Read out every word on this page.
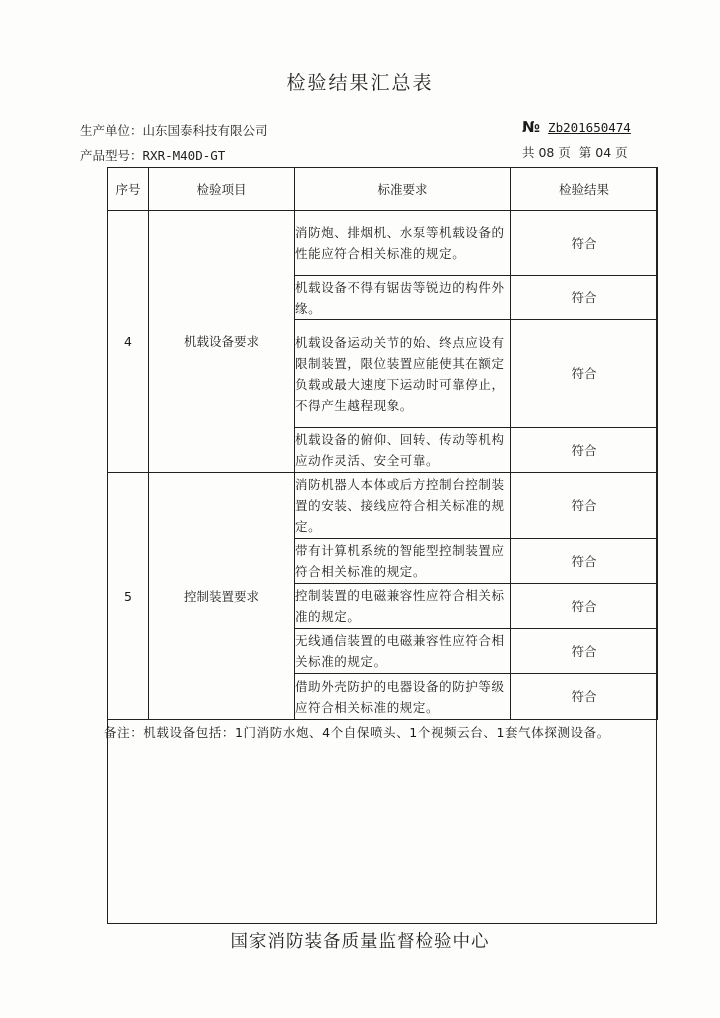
检验结果汇总表
生产单位：山东国泰科技有限公司
产品型号：RXR-M40D-GT
№ Zb201650474
共 08 页  第 04 页
序号	检验项目	标准要求	检验结果
4	机载设备要求	消防炮、排烟机、水泵等机载设备的性能应符合相关标准的规定。	符合
		机载设备不得有锯齿等锐边的构件外缘。	符合
		机载设备运动关节的始、终点应设有限制装置，限位装置应能使其在额定负载或最大速度下运动时可靠停止，不得产生越程现象。	符合
		机载设备的俯仰、回转、传动等机构应动作灵活、安全可靠。	符合
5	控制装置要求	消防机器人本体或后方控制台控制装置的安装、接线应符合相关标准的规定。	符合
		带有计算机系统的智能型控制装置应符合相关标准的规定。	符合
		控制装置的电磁兼容性应符合相关标准的规定。	符合
		无线通信装置的电磁兼容性应符合相关标准的规定。	符合
		借助外壳防护的电器设备的防护等级应符合相关标准的规定。	符合
备注：机载设备包括：1门消防水炮、4个自保喷头、1个视频云台、1套气体探测设备。
国家消防装备质量监督检验中心
